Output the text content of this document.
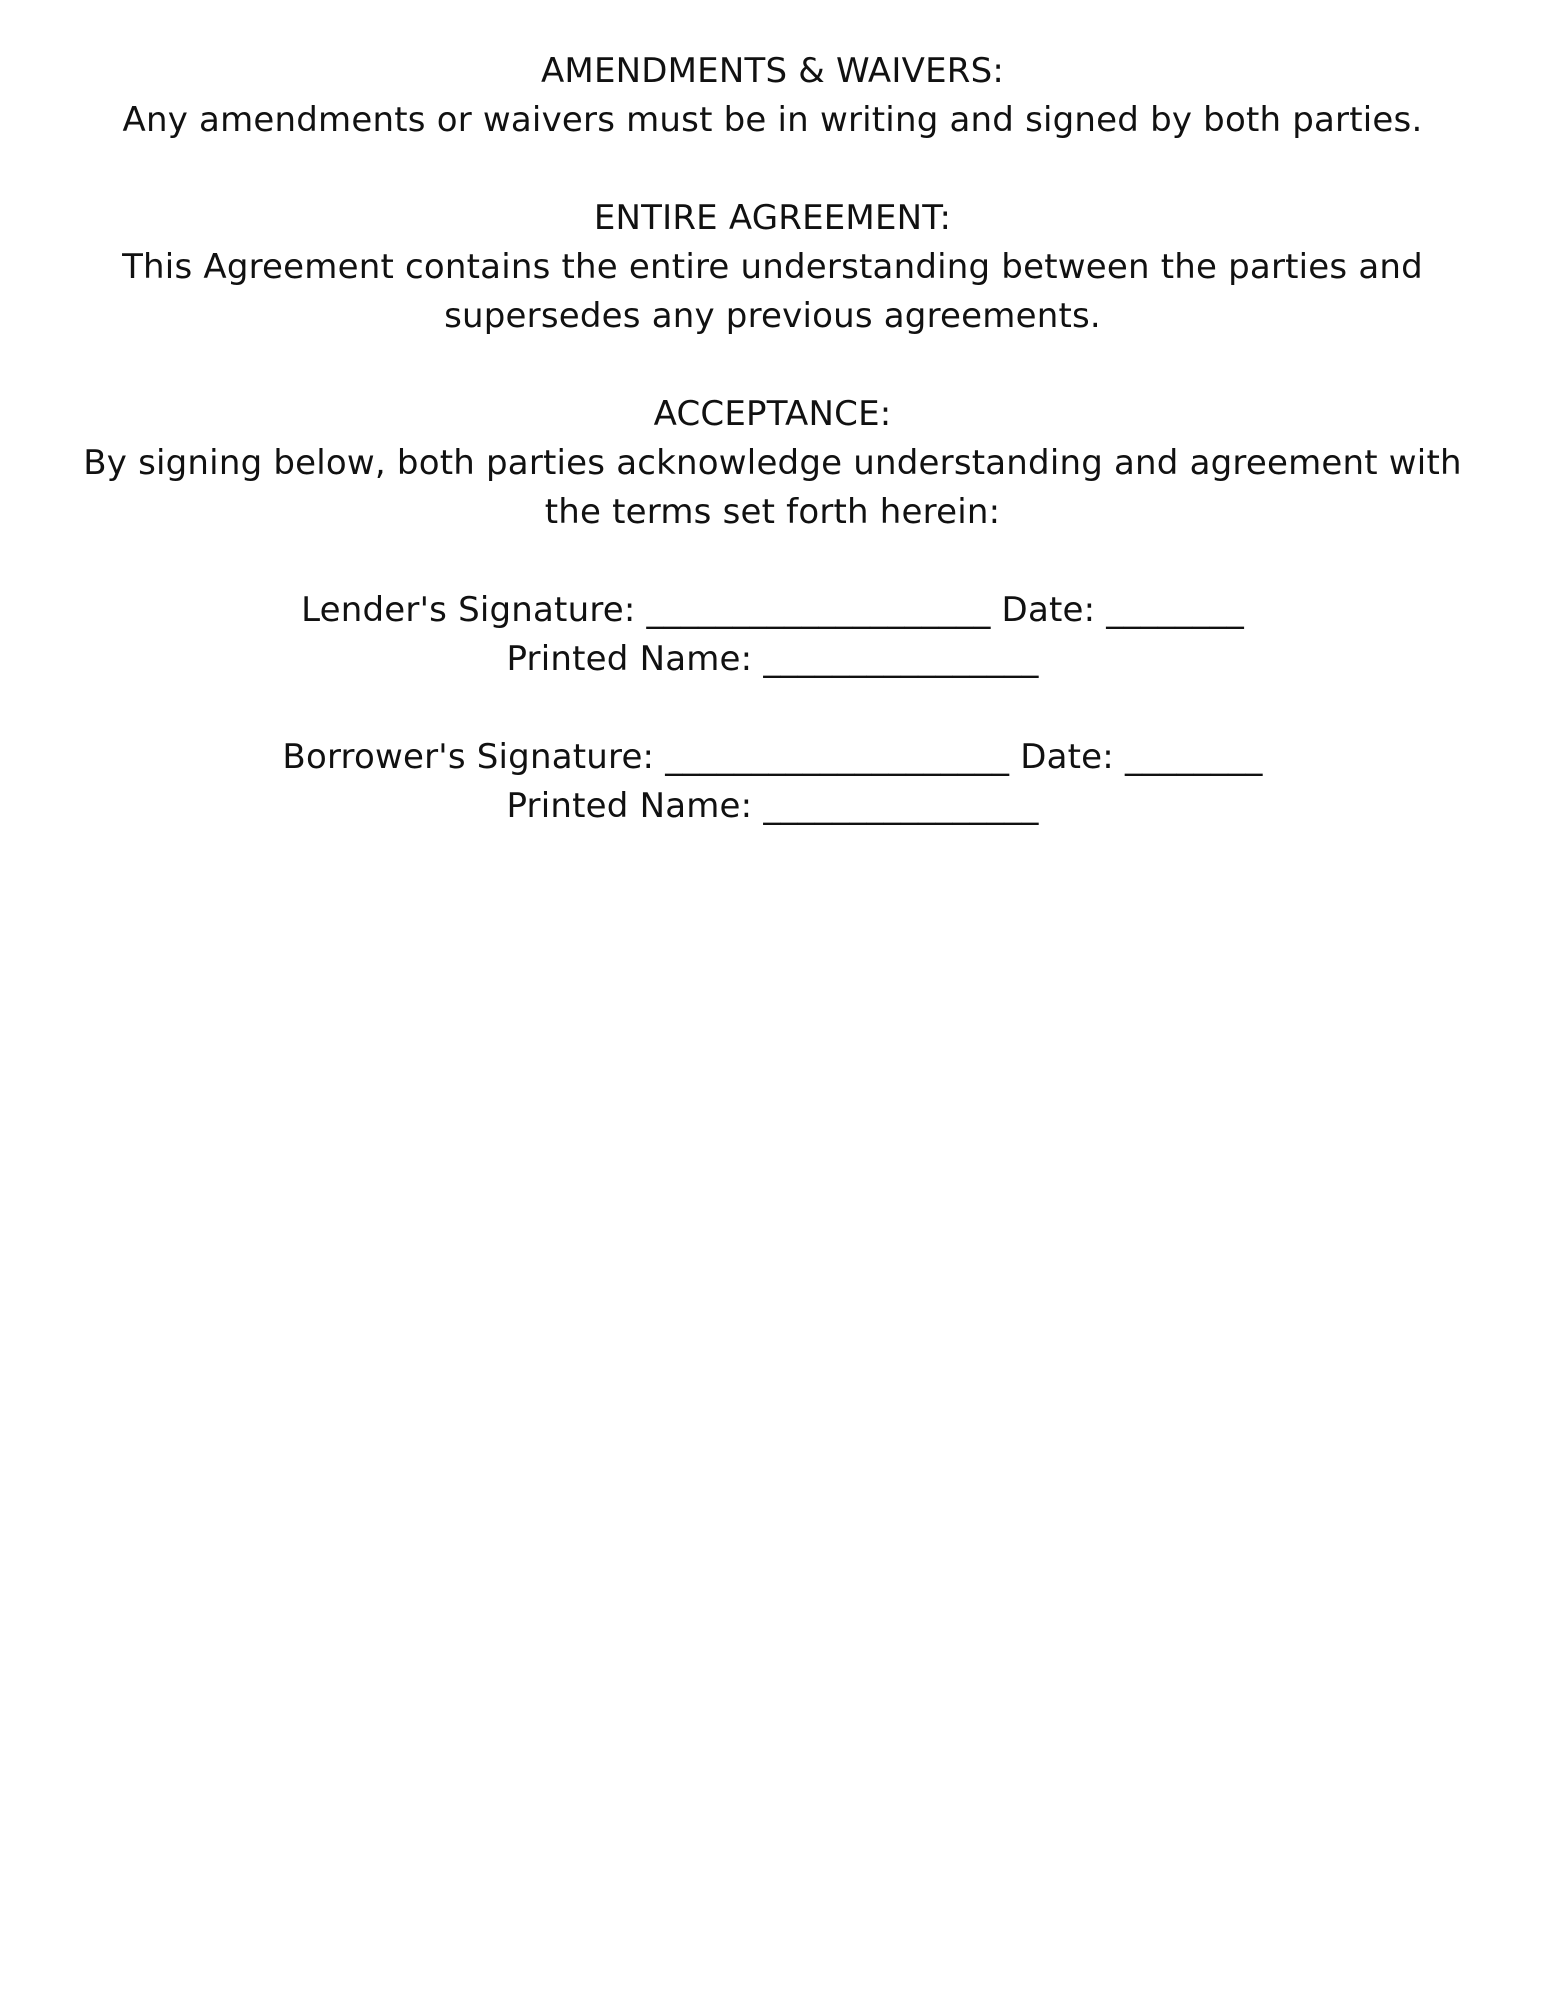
AMENDMENTS & WAIVERS:

Any amendments or waivers must be in writing and signed by both parties.

ENTIRE AGREEMENT:

This Agreement contains the entire understanding between the parties and supersedes any previous agreements.

ACCEPTANCE:

By signing below, both parties acknowledge understanding and agreement with the terms set forth herein:

Lender's Signature: ____________________ Date: ________
Printed Name: ________________
Borrower's Signature: ____________________ Date: ________
Printed Name: ________________
